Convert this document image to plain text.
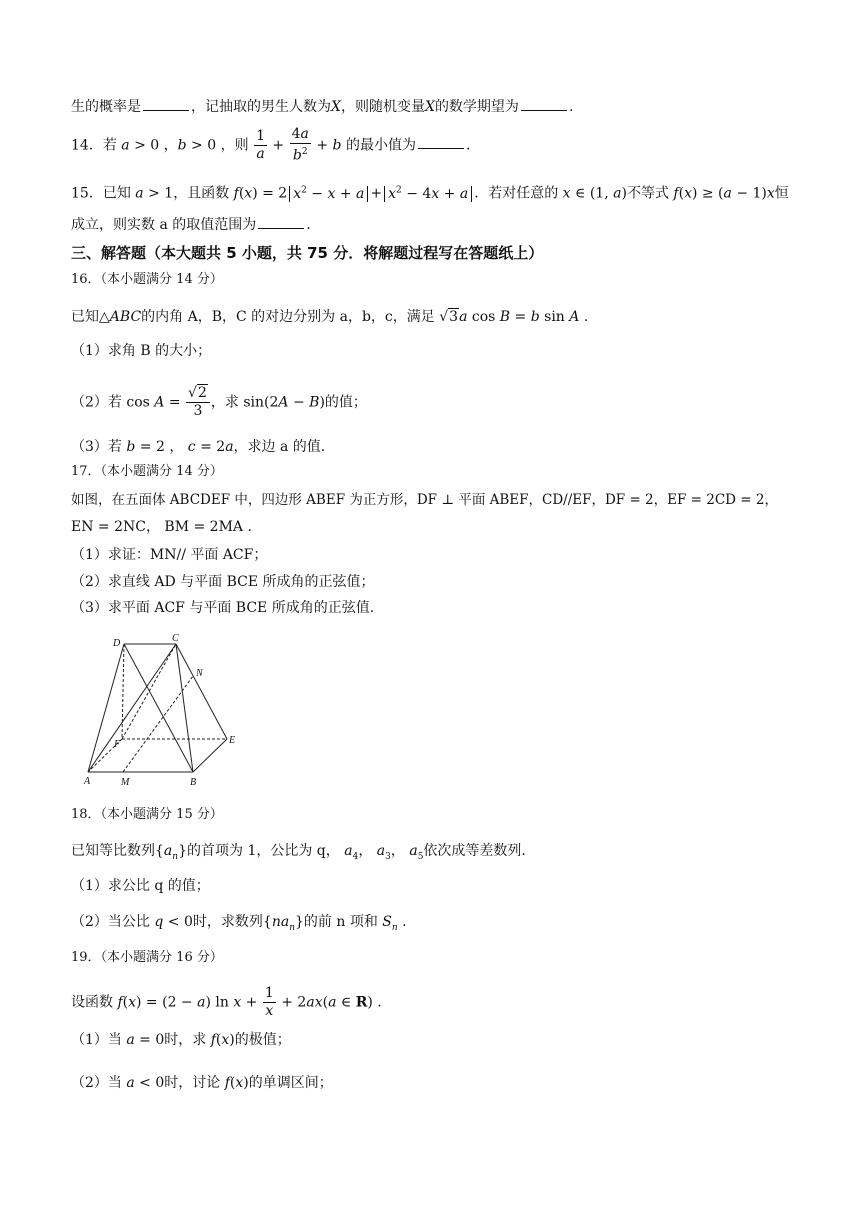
生的概率是	，记抽取的男生人数为X，则随机变量X的数学期望为	.
14．若 a > 0 ，b > 0 ，则 $\frac{1}{a} + \frac{4a}{b^2} + b$ 的最小值为	.
15．已知 a > 1，且函数 f(x) = 2 $x^2 - x + a + x^2 - 4x + a$ ．若对任意的 x ∈ (1, a)不等式 f(x) ≥ (a − 1)x恒
成立，则实数 a 的取值范围为	.
三、解答题（本大题共 5 小题，共 75 分．将解题过程写在答题纸上）
16．（本小题满分 14 分）
已知△ABC的内角 A，B，C 的对边分别为 a，b，c，满足 √3a cos B = b sin A .
（1）求角 B 的大小；
（2）若 $\cos A = \frac{√2}{3}$ ，求 sin(2A − B)的值；
（3）若 b = 2 ， c = 2a，求边 a 的值.
17．（本小题满分 14 分）
如图，在五面体 ABCDEF 中，四边形 ABEF 为正方形，DF ⊥ 平面 ABEF，CD//EF，DF = 2，EF = 2CD = 2，
EN = 2NC， BM = 2MA .
（1）求证：MN// 平面 ACF；
（2）求直线 AD 与平面 BCE 所成角的正弦值；
（3）求平面 ACF 与平面 BCE 所成角的正弦值.
D	C
N
F	E
A	M	B
18．（本小题满分 15 分）
已知等比数列$\{a_n\}$的首项为 1，公比为 q， $a_4$， $a_3$， $a_5$依次成等差数列.
（1）求公比 q 的值；
（2）当公比 q < 0时，求数列$\{na_n\}$的前 n 项和 $S_n$ .
19．（本小题满分 16 分）
设函数 f(x) = (2 − a) $\ln x + \frac{1}{x} + 2ax(a$ ∈ R) .
（1）当 a = 0时，求 f(x)的极值；
（2）当 a < 0时，讨论 f(x)的单调区间；
